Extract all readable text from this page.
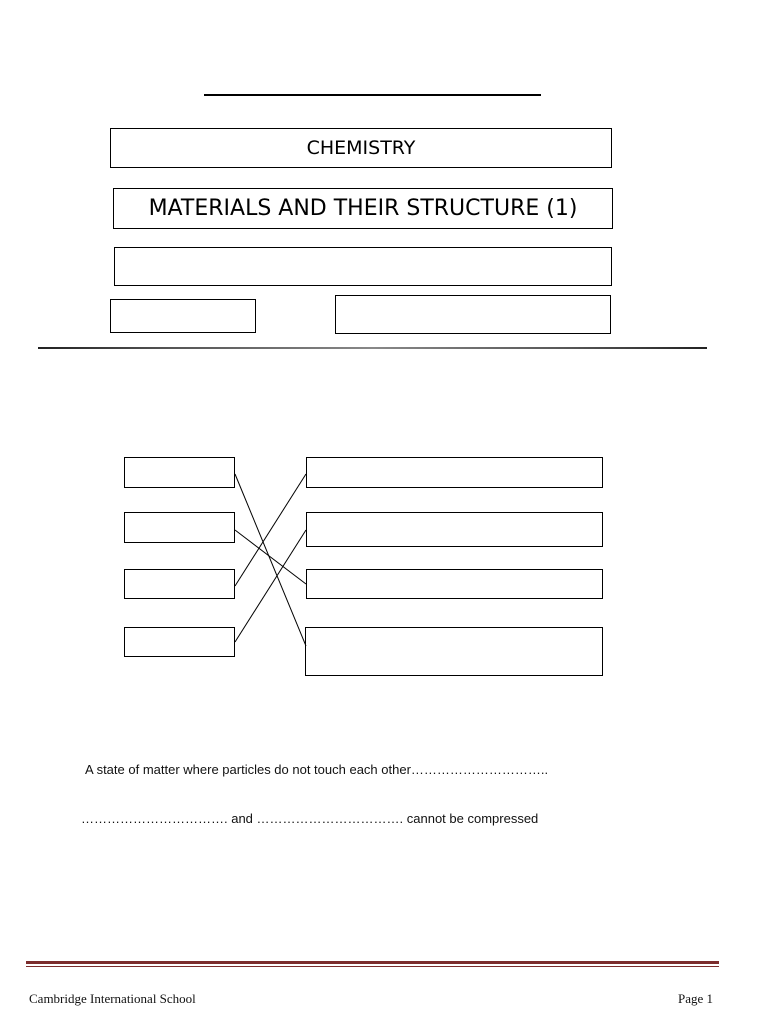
CHEMISTRY
MATERIALS AND THEIR STRUCTURE (1)
A state of matter where particles do not touch each other…………………………..
……………………………. and ……………………………. cannot be compressed
Cambridge International School	Page 1
